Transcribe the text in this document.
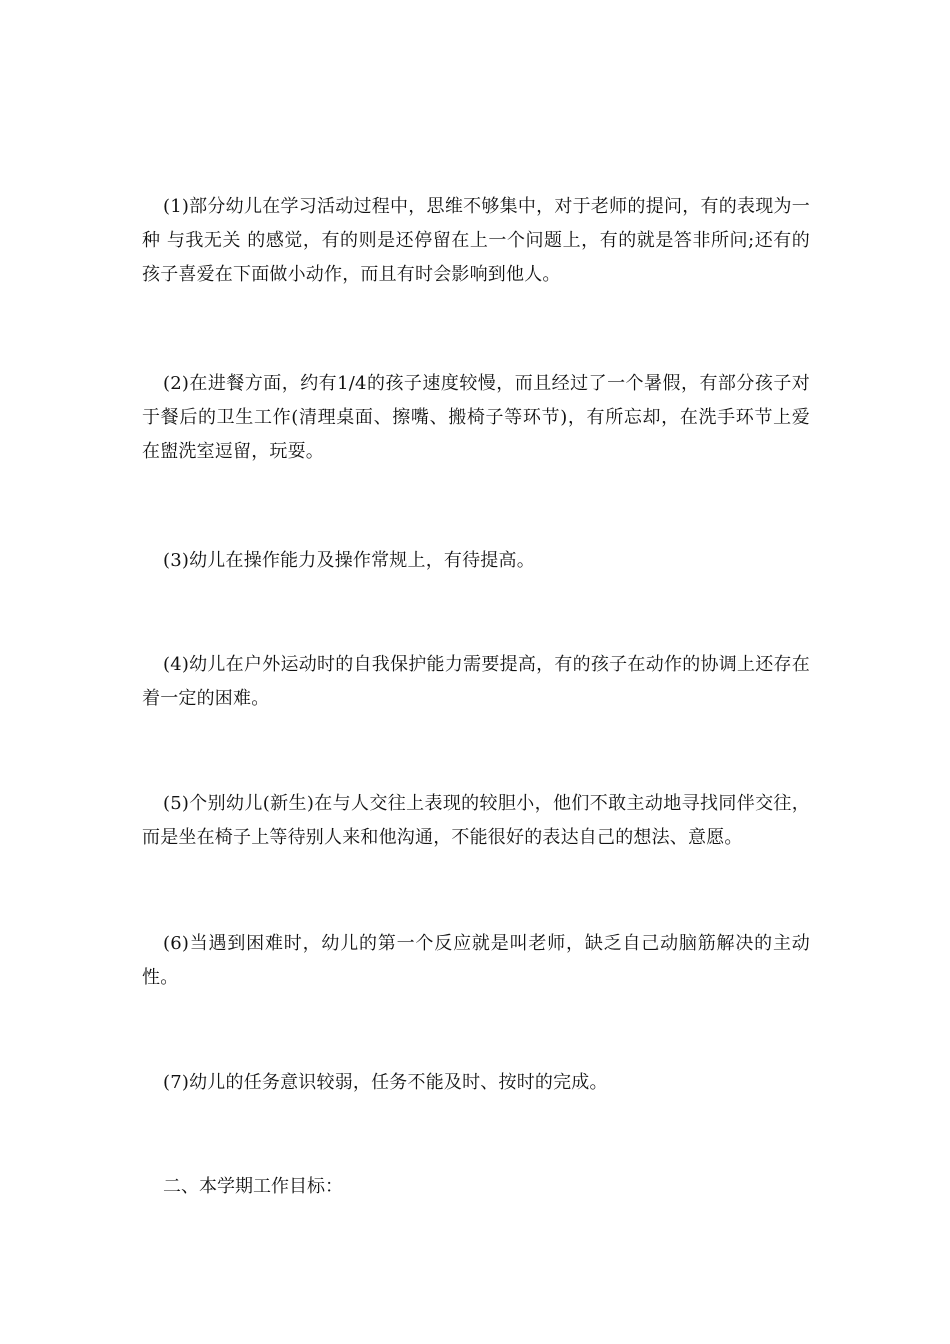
(1)部分幼儿在学习活动过程中，思维不够集中，对于老师的提问，有的表现为一种 与我无关 的感觉，有的则是还停留在上一个问题上，有的就是答非所问;还有的孩子喜爱在下面做小动作，而且有时会影响到他人。

(2)在进餐方面，约有1/4的孩子速度较慢，而且经过了一个暑假，有部分孩子对于餐后的卫生工作(清理桌面、擦嘴、搬椅子等环节)，有所忘却，在洗手环节上爱在盥洗室逗留，玩耍。

(3)幼儿在操作能力及操作常规上，有待提高。

(4)幼儿在户外运动时的自我保护能力需要提高，有的孩子在动作的协调上还存在着一定的困难。

(5)个别幼儿(新生)在与人交往上表现的较胆小，他们不敢主动地寻找同伴交往，而是坐在椅子上等待别人来和他沟通，不能很好的表达自己的想法、意愿。

(6)当遇到困难时，幼儿的第一个反应就是叫老师，缺乏自己动脑筋解决的主动性。

(7)幼儿的任务意识较弱，任务不能及时、按时的完成。

二、本学期工作目标：
